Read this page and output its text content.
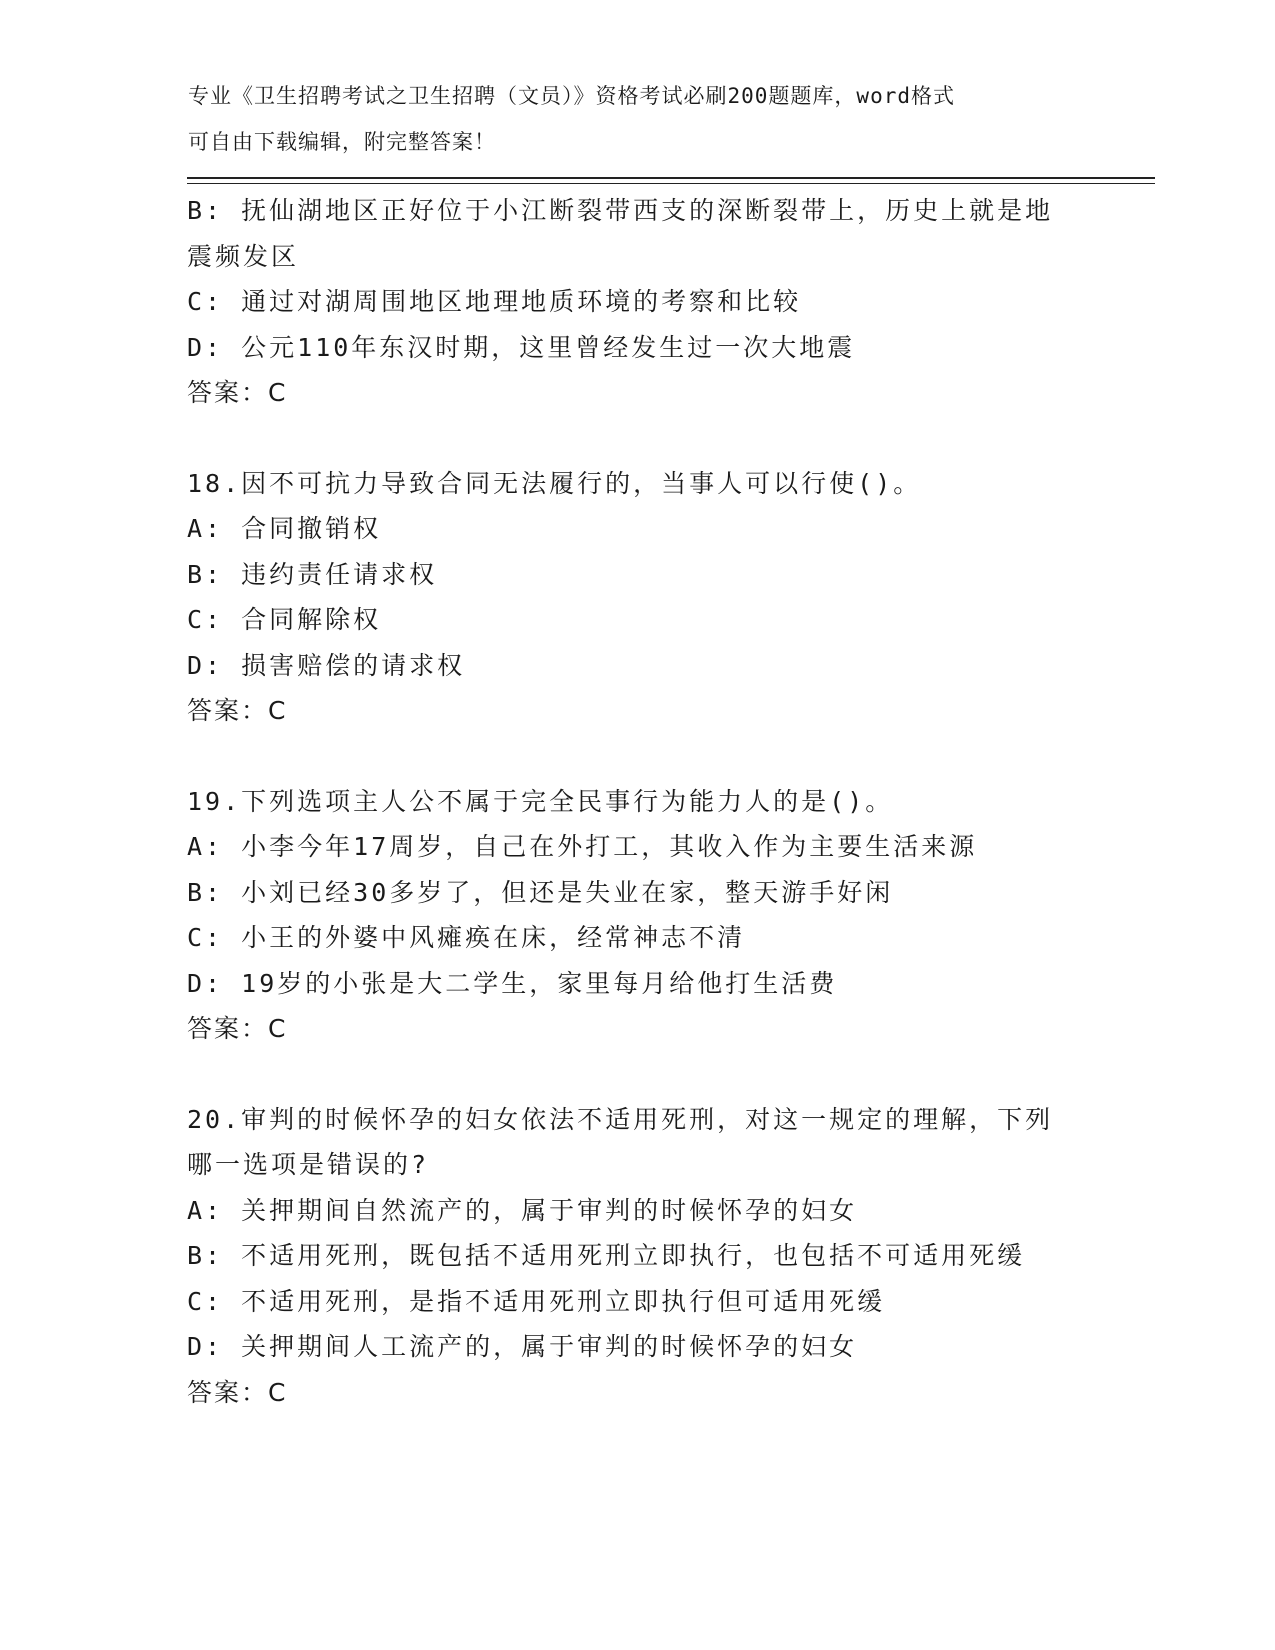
专业《卫生招聘考试之卫生招聘（文员）》资格考试必刷200题题库，word格式
可自由下载编辑，附完整答案！
B: 抚仙湖地区正好位于小江断裂带西支的深断裂带上，历史上就是地
震频发区
C: 通过对湖周围地区地理地质环境的考察和比较
D: 公元110年东汉时期，这里曾经发生过一次大地震
答案：C
18.因不可抗力导致合同无法履行的，当事人可以行使()。
A: 合同撤销权
B: 违约责任请求权
C: 合同解除权
D: 损害赔偿的请求权
答案：C
19.下列选项主人公不属于完全民事行为能力人的是()。
A: 小李今年17周岁，自己在外打工，其收入作为主要生活来源
B: 小刘已经30多岁了，但还是失业在家，整天游手好闲
C: 小王的外婆中风瘫痪在床，经常神志不清
D: 19岁的小张是大二学生，家里每月给他打生活费
答案：C
20.审判的时候怀孕的妇女依法不适用死刑，对这一规定的理解，下列
哪一选项是错误的?
A: 关押期间自然流产的，属于审判的时候怀孕的妇女
B: 不适用死刑，既包括不适用死刑立即执行，也包括不可适用死缓
C: 不适用死刑，是指不适用死刑立即执行但可适用死缓
D: 关押期间人工流产的，属于审判的时候怀孕的妇女
答案：C
